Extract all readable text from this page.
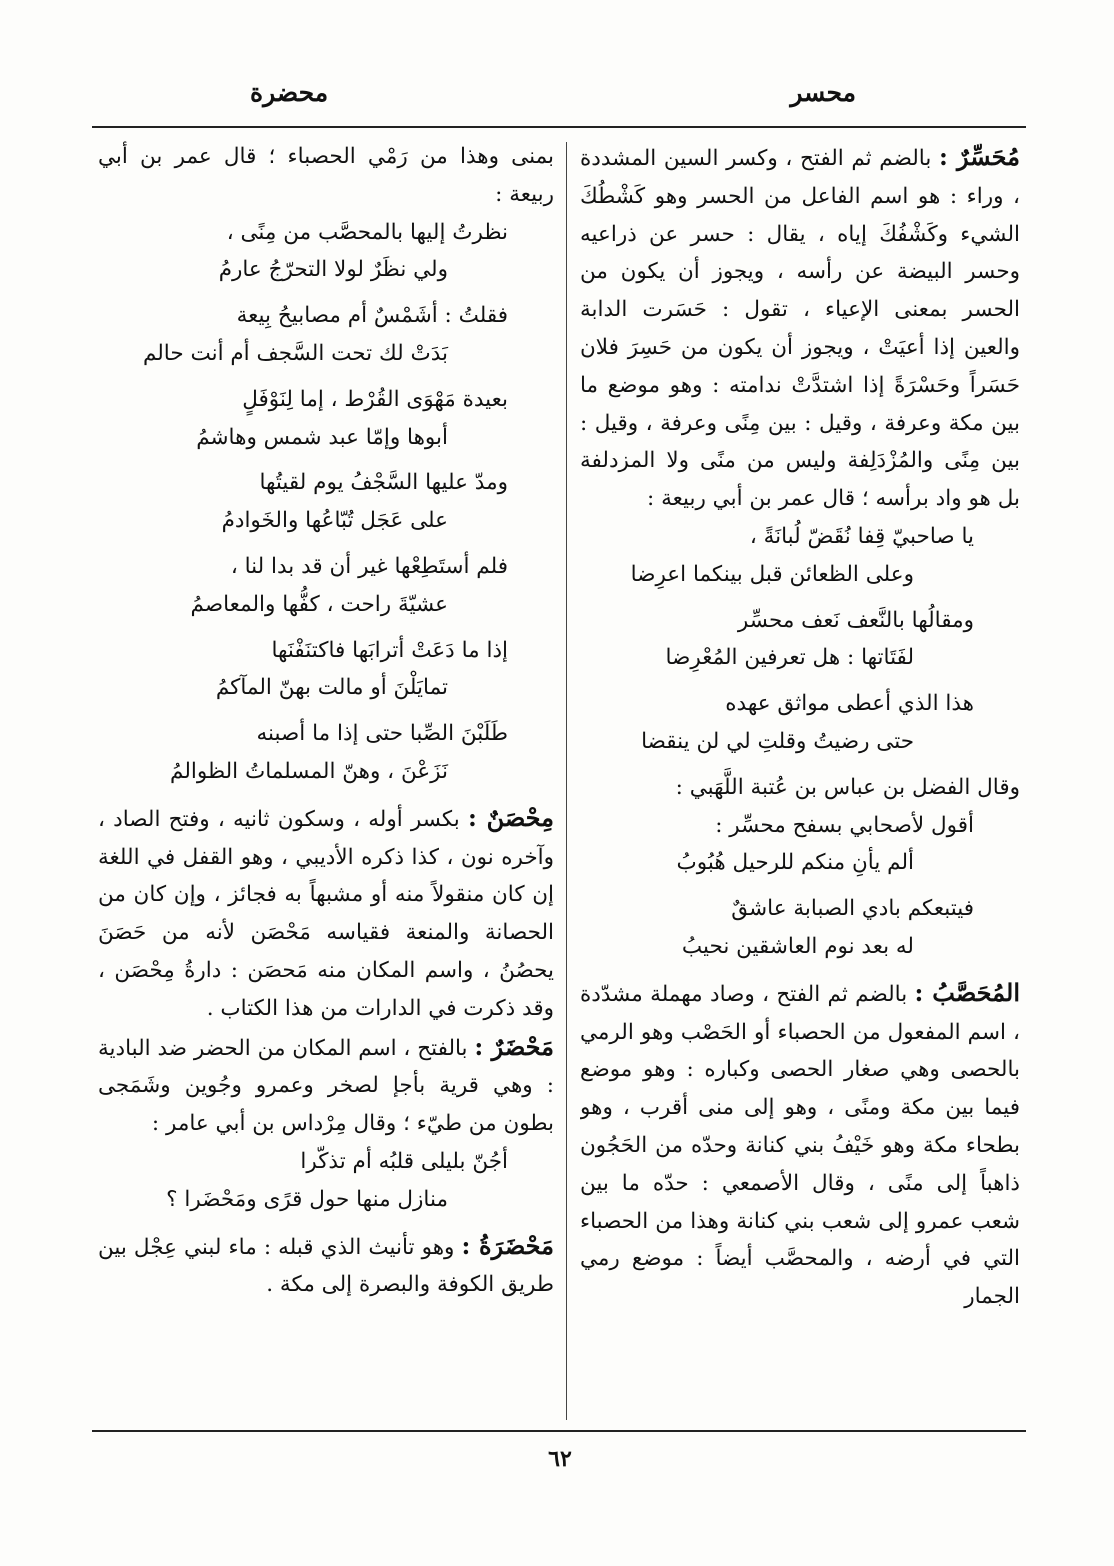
محسر
محضرة

مُحَسِّرٌ : بالضم ثم الفتح ، وكسر السين المشددة ، وراء : هو اسم الفاعل من الحسر وهو كَشْطُكَ الشيء وكَشْفُكَ إياه ، يقال : حسر عن ذراعيه وحسر البيضة عن رأسه ، ويجوز أن يكون من الحسر بمعنى الإعياء ، تقول : حَسَرت الدابة والعين إذا أعيَتْ ، ويجوز أن يكون من حَسِرَ فلان حَسَراً وحَسْرَةً إذا اشتدَّتْ ندامته : وهو موضع ما بين مكة وعرفة ، وقيل : بين مِنًى وعرفة ، وقيل : بين مِنًى والمُزْدَلِفة وليس من منًى ولا المزدلفة بل هو واد برأسه ؛ قال عمر بن أبي ربيعة :

يا صاحبيّ قِفا نُقَضّ لُبانَةً ،
وعلى الظعائن قبل بينكما اعرِضا
ومقالُها بالنَّعف نَعف محسِّر
لفَتَاتها : هل تعرفين المُعْرِضا
هذا الذي أعطى مواثق عهده
حتى رضيتُ وقلتِ لي لن ينقضا

وقال الفضل بن عباس بن عُتبة اللَّهَبي :

أقول لأصحابي بسفح محسِّر :
ألم يأنِ منكم للرحيل هُبُوبُ
فيتبعكم بادي الصبابة عاشقٌ
له بعد نوم العاشقين نحيبُ

المُحَصَّبُ : بالضم ثم الفتح ، وصاد مهملة مشدّدة ، اسم المفعول من الحصباء أو الحَصْب وهو الرمي بالحصى وهي صغار الحصى وكباره : وهو موضع فيما بين مكة ومنًى ، وهو إلى منى أقرب ، وهو بطحاء مكة وهو خَيْفُ بني كنانة وحدّه من الحَجُون ذاهباً إلى منًى ، وقال الأصمعي : حدّه ما بين شعب عمرو إلى شعب بني كنانة وهذا من الحصباء التي في أرضه ، والمحصَّب أيضاً : موضع رمي الجمار

بمنى وهذا من رَمْي الحصباء ؛ قال عمر بن أبي ربيعة :

نظرتُ إليها بالمحصَّب من مِنًى ،
ولي نظَرٌ لولا التحرّجُ عارمُ
فقلتُ : أشَمْسٌ أم مصابيحُ بِيعة
بَدَتْ لك تحت السَّجف أم أنت حالم
بعيدة مَهْوَى القُرْط ، إما لِنَوْفَلٍ
أبوها وإمّا عبد شمس وهاشمُ
ومدّ عليها السَّجْفُ يوم لقيتُها
على عَجَل تُبّاعُها والخَوادمُ
فلم أستَطِعْها غير أن قد بدا لنا ،
عشيّةَ راحت ، كفُّها والمعاصمُ
إذا ما دَعَتْ أترابَها فاكتنَفْنَها
تمايَلْنَ أو مالت بهنّ المآكمُ
طَلَبْنَ الصِّبا حتى إذا ما أصبنه
نَزَعْنَ ، وهنّ المسلماتُ الظوالمُ

مِحْصَنٌ : بكسر أوله ، وسكون ثانيه ، وفتح الصاد ، وآخره نون ، كذا ذكره الأديبي ، وهو القفل في اللغة إن كان منقولاً منه أو مشبهاً به فجائز ، وإن كان من الحصانة والمنعة فقياسه مَحْصَن لأنه من حَصَنَ يحصُنُ ، واسم المكان منه مَحصَن : دارةُ مِحْصَن ، وقد ذكرت في الدارات من هذا الكتاب .

مَحْضَرٌ : بالفتح ، اسم المكان من الحضر ضد البادية : وهي قرية بأجإ لصخر وعمرو وجُوين وشَمَجى بطون من طيّء ؛ وقال مِرْداس بن أبي عامر :

أجُنّ بليلى قلبُه أم تذكّرا
منازل منها حول قرًى ومَحْضَرا ؟

مَحْضَرَةُ : وهو تأنيث الذي قبله : ماء لبني عِجْل بين طريق الكوفة والبصرة إلى مكة .

٦٢
